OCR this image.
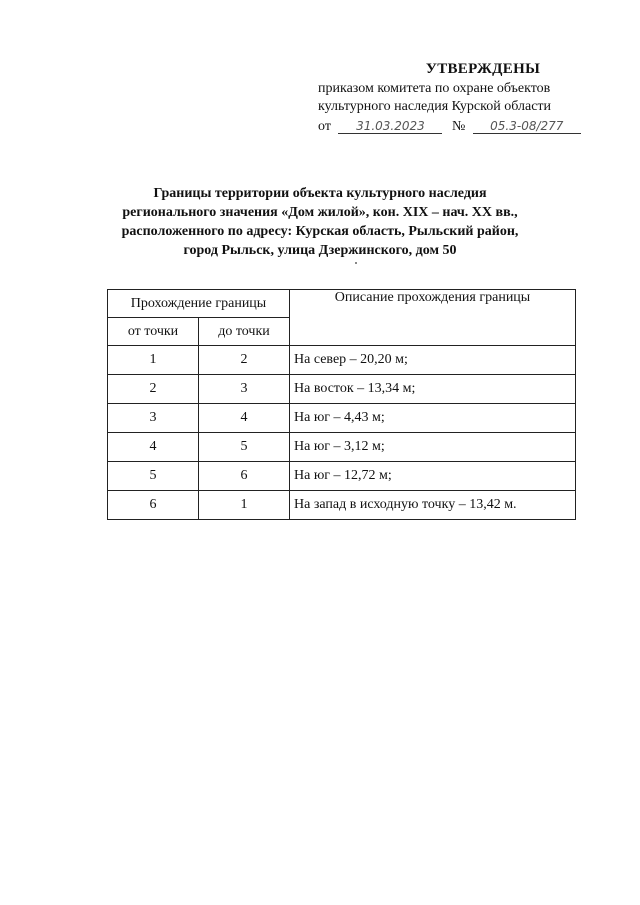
УТВЕРЖДЕНЫ
приказом комитета по охране объектов
культурного наследия Курской области
от 31.03.2023 № 05.3-08/277
Границы территории объекта культурного наследия
регионального значения «Дом жилой», кон. XIX – нач. XX вв.,
расположенного по адресу: Курская область, Рыльский район,
город Рыльск, улица Дзержинского, дом 50
Прохождение границы		Описание прохождения границы
от точки	до точки	
1	2	На север – 20,20 м;
2	3	На восток – 13,34 м;
3	4	На юг – 4,43 м;
4	5	На юг – 3,12 м;
5	6	На юг – 12,72 м;
6	1	На запад в исходную точку – 13,42 м.
